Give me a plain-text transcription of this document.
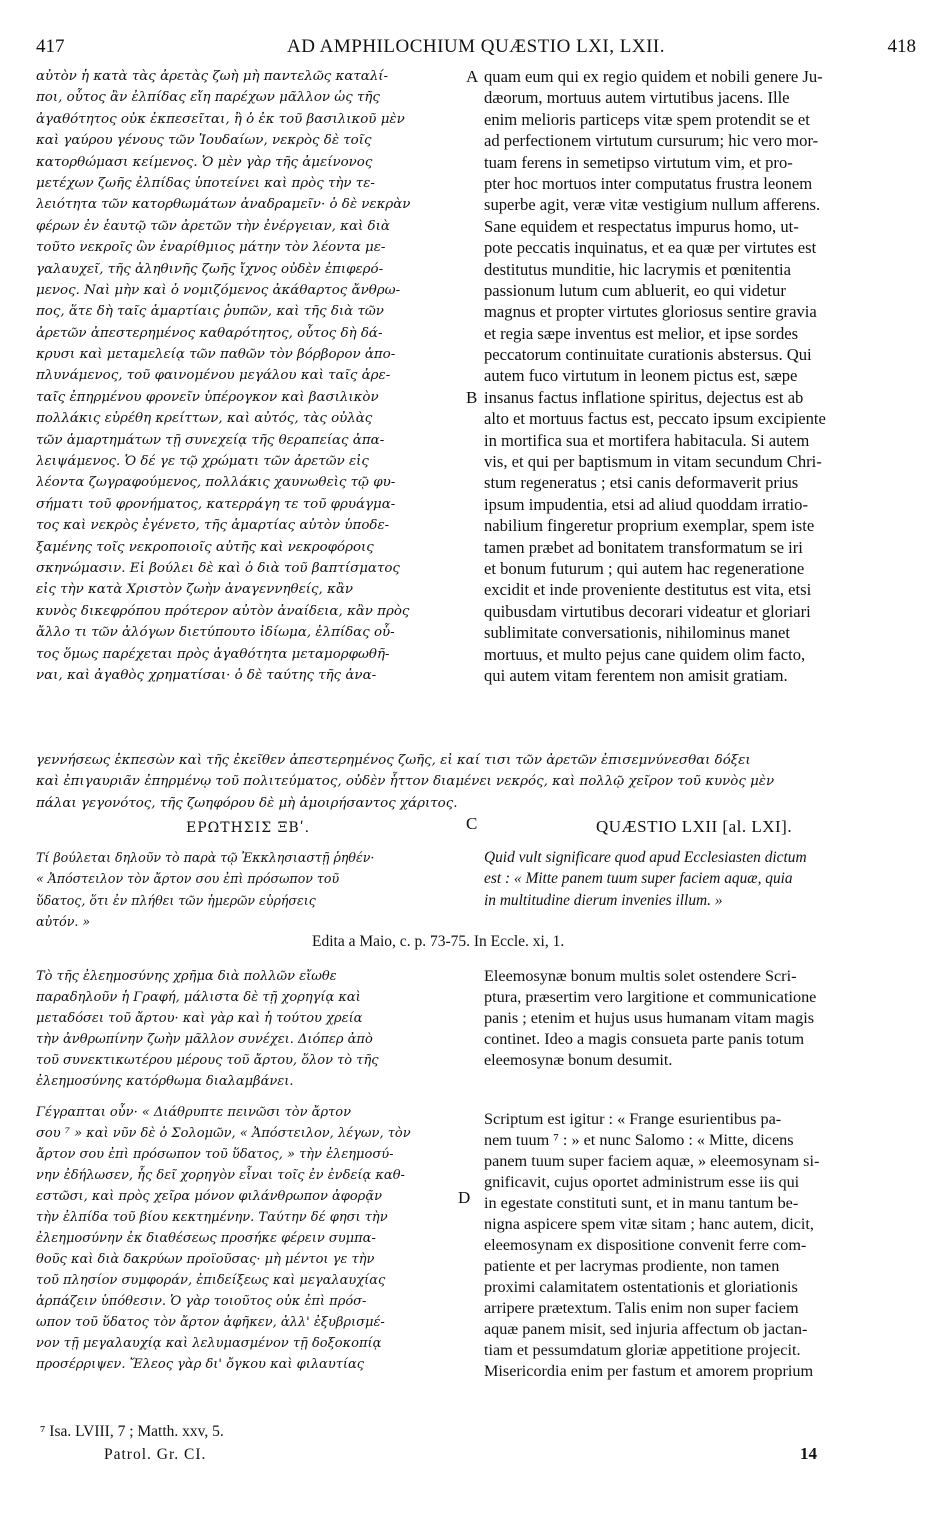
417	AD AMPHILOCHIUM QUÆSTIO LXI, LXII.	418
αὐτὸν ἡ κατὰ τὰς ἀρετὰς ζωὴ μὴ παντελῶς καταλί-
ποι, οὗτος ἂν ἐλπίδας εἴη παρέχων μᾶλλον ὡς τῆς
ἀγαθότητος οὐκ ἐκπεσεῖται, ἢ ὁ ἐκ τοῦ βασιλικοῦ μὲν
καὶ γαύρου γένους τῶν Ἰουδαίων, νεκρὸς δὲ τοῖς
κατορθώμασι κείμενος. Ὁ μὲν γὰρ τῆς ἀμείνονος
μετέχων ζωῆς ἐλπίδας ὑποτείνει καὶ πρὸς τὴν τε-
λειότητα τῶν κατορθωμάτων ἀναδραμεῖν· ὁ δὲ νεκρὰν
φέρων ἐν ἑαυτῷ τῶν ἀρετῶν τὴν ἐνέργειαν, καὶ διὰ
τοῦτο νεκροῖς ὢν ἐναρίθμιος μάτην τὸν λέοντα με-
γαλαυχεῖ, τῆς ἀληθινῆς ζωῆς ἴχνος οὐδὲν ἐπιφερό-
μενος. Ναὶ μὴν καὶ ὁ νομιζόμενος ἀκάθαρτος ἄνθρω-
πος, ἅτε δὴ ταῖς ἁμαρτίαις ῥυπῶν, καὶ τῆς διὰ τῶν
ἀρετῶν ἀπεστερημένος καθαρότητος, οὗτος δὴ δά-
κρυσι καὶ μεταμελείᾳ τῶν παθῶν τὸν βόρβορον ἀπο-
πλυνάμενος, τοῦ φαινομένου μεγάλου καὶ ταῖς ἀρε-
ταῖς ἐπηρμένου φρονεῖν ὑπέρογκον καὶ βασιλικὸν
πολλάκις εὑρέθη κρείττων, καὶ αὐτός, τὰς οὐλὰς
τῶν ἁμαρτημάτων τῇ συνεχείᾳ τῆς θεραπείας ἀπα-
λειψάμενος. Ὁ δέ γε τῷ χρώματι τῶν ἀρετῶν εἰς
λέοντα ζωγραφούμενος, πολλάκις χαυνωθεὶς τῷ φυ-
σήματι τοῦ φρονήματος, κατερράγη τε τοῦ φρυάγμα-
τος καὶ νεκρὸς ἐγένετο, τῆς ἁμαρτίας αὐτὸν ὑποδε-
ξαμένης τοῖς νεκροποιοῖς αὐτῆς καὶ νεκροφόροις
σκηνώμασιν. Εἰ βούλει δὲ καὶ ὁ διὰ τοῦ βαπτίσματος
εἰς τὴν κατὰ Χριστὸν ζωὴν ἀναγεννηθείς, κἂν
κυνὸς δικεφρόπου πρότερον αὐτὸν ἀναίδεια, κἂν πρὸς
ἄλλο τι τῶν ἀλόγων διετύπουτο ἰδίωμα, ἐλπίδας οὗ-
τος ὅμως παρέχεται πρὸς ἀγαθότητα μεταμορφωθῆ-
ναι, καὶ ἀγαθὸς χρηματίσαι· ὁ δὲ ταύτης τῆς ἀνα-
quam eum qui ex regio quidem et nobili genere Ju-
dæorum, mortuus autem virtutibus jacens. Ille
enim melioris particeps vitæ spem protendit se et
ad perfectionem virtutum cursurum; hic vero mor-
tuam ferens in semetipso virtutum vim, et pro-
pter hoc mortuos inter computatus frustra leonem
superbe agit, veræ vitæ vestigium nullum afferens.
Sane equidem et respectatus impurus homo, ut-
pote peccatis inquinatus, et ea quæ per virtutes est
destitutus munditie, hic lacrymis et pœnitentia
passionum lutum cum abluerit, eo qui videtur
magnus et propter virtutes gloriosus sentire gravia
et regia sæpe inventus est melior, et ipse sordes
peccatorum continuitate curationis abstersus. Qui
autem fuco virtutum in leonem pictus est, sæpe
insanus factus inflatione spiritus, dejectus est ab
alto et mortuus factus est, peccato ipsum excipiente
in mortifica sua et mortifera habitacula. Si autem
vis, et qui per baptismum in vitam secundum Chri-
stum regeneratus ; etsi canis deformaverit prius
ipsum impudentia, etsi ad aliud quoddam irratio-
nabilium fingeretur proprium exemplar, spem iste
tamen præbet ad bonitatem transformatum se iri
et bonum futurum ; qui autem hac regeneratione
excidit et inde proveniente destitutus est vita, etsi
quibusdam virtutibus decorari videatur et gloriari
sublimitate conversationis, nihilominus manet
mortuus, et multo pejus cane quidem olim facto,
qui autem vitam ferentem non amisit gratiam.
A
B
γεννήσεως ἐκπεσὼν καὶ τῆς ἐκεῖθεν ἀπεστερημένος ζωῆς, εἰ καί τισι τῶν ἀρετῶν ἐπισεμνύνεσθαι δόξει
καὶ ἐπιγαυριᾶν ἐπηρμένῳ τοῦ πολιτεύματος, οὐδὲν ἧττον διαμένει νεκρός, καὶ πολλῷ χεῖρον τοῦ κυνὸς μὲν
πάλαι γεγονότος, τῆς ζωηφόρου δὲ μὴ ἀμοιρήσαντος χάριτος.
ΕΡΩΤΗΣΙΣ ΞΒʹ.	C	QUÆSTIO LXII [al. LXI].
Τί βούλεται δηλοῦν τὸ παρὰ τῷ Ἐκκλησιαστῇ ῥηθέν·
« Ἀπόστειλον τὸν ἄρτον σου ἐπὶ πρόσωπον τοῦ
ὕδατος, ὅτι ἐν πλήθει τῶν ἡμερῶν εὑρήσεις
αὐτόν. »
Quid vult significare quod apud Ecclesiasten dictum
est : « Mitte panem tuum super faciem aquæ, quia
in multitudine dierum invenies illum. »
Edita a Maio, c. p. 73-75. In Eccle. xi, 1.
Τὸ τῆς ἐλεημοσύνης χρῆμα διὰ πολλῶν εἴωθε
παραδηλοῦν ἡ Γραφή, μάλιστα δὲ τῇ χορηγίᾳ καὶ
μεταδόσει τοῦ ἄρτου· καὶ γὰρ καὶ ἡ τούτου χρεία
τὴν ἀνθρωπίνην ζωὴν μᾶλλον συνέχει. Διόπερ ἀπὸ
τοῦ συνεκτικωτέρου μέρους τοῦ ἄρτου, ὅλον τὸ τῆς
ἐλεημοσύνης κατόρθωμα διαλαμβάνει.
Γέγραπται οὖν· « Διάθρυπτε πεινῶσι τὸν ἄρτον
σου ⁷ » καὶ νῦν δὲ ὁ Σολομῶν, « Ἀπόστειλον, λέγων, τὸν
ἄρτον σου ἐπὶ πρόσωπον τοῦ ὕδατος, » τὴν ἐλεημοσύ-
νην ἐδήλωσεν, ἧς δεῖ χορηγὸν εἶναι τοῖς ἐν ἐνδείᾳ καθ-
εστῶσι, καὶ πρὸς χεῖρα μόνον φιλάνθρωπον ἀφορᾷν
τὴν ἐλπίδα τοῦ βίου κεκτημένην. Ταύτην δέ φησι τὴν
ἐλεημοσύνην ἐκ διαθέσεως προσήκε φέρειν συμπα-
θοῦς καὶ διὰ δακρύων προϊοῦσας· μὴ μέντοι γε τὴν
τοῦ πλησίον συμφοράν, ἐπιδείξεως καὶ μεγαλαυχίας
ἁρπάζειν ὑπόθεσιν. Ὁ γὰρ τοιοῦτος οὐκ ἐπὶ πρόσ-
ωπον τοῦ ὕδατος τὸν ἄρτον ἀφῆκεν, ἀλλ' ἐξυβρισμέ-
νον τῇ μεγαλαυχίᾳ καὶ λελυμασμένον τῇ δοξοκοπίᾳ
προσέρριψεν. Ἔλεος γὰρ δι' ὄγκου καὶ φιλαυτίας
Eleemosynæ bonum multis solet ostendere Scri-
ptura, præsertim vero largitione et communicatione
panis ; etenim et hujus usus humanam vitam magis
continet. Ideo a magis consueta parte panis totum
eleemosynæ bonum desumit.
Scriptum est igitur : « Frange esurientibus pa-
nem tuum ⁷ : » et nunc Salomo : « Mitte, dicens
panem tuum super faciem aquæ, » eleemosynam si-
gnificavit, cujus oportet administrum esse iis qui
in egestate constituti sunt, et in manu tantum be-
nigna aspicere spem vitæ sitam ; hanc autem, dicit,
eleemosynam ex dispositione convenit ferre com-
patiente et per lacrymas prodiente, non tamen
proximi calamitatem ostentationis et gloriationis
arripere prætextum. Talis enim non super faciem
aquæ panem misit, sed injuria affectum ob jactan-
tiam et pessumdatum gloriæ appetitione projecit.
Misericordia enim per fastum et amorem proprium
D
⁷ Isa. LVIII, 7 ; Matth. xxv, 5.
Patrol. Gr. CI.	14
